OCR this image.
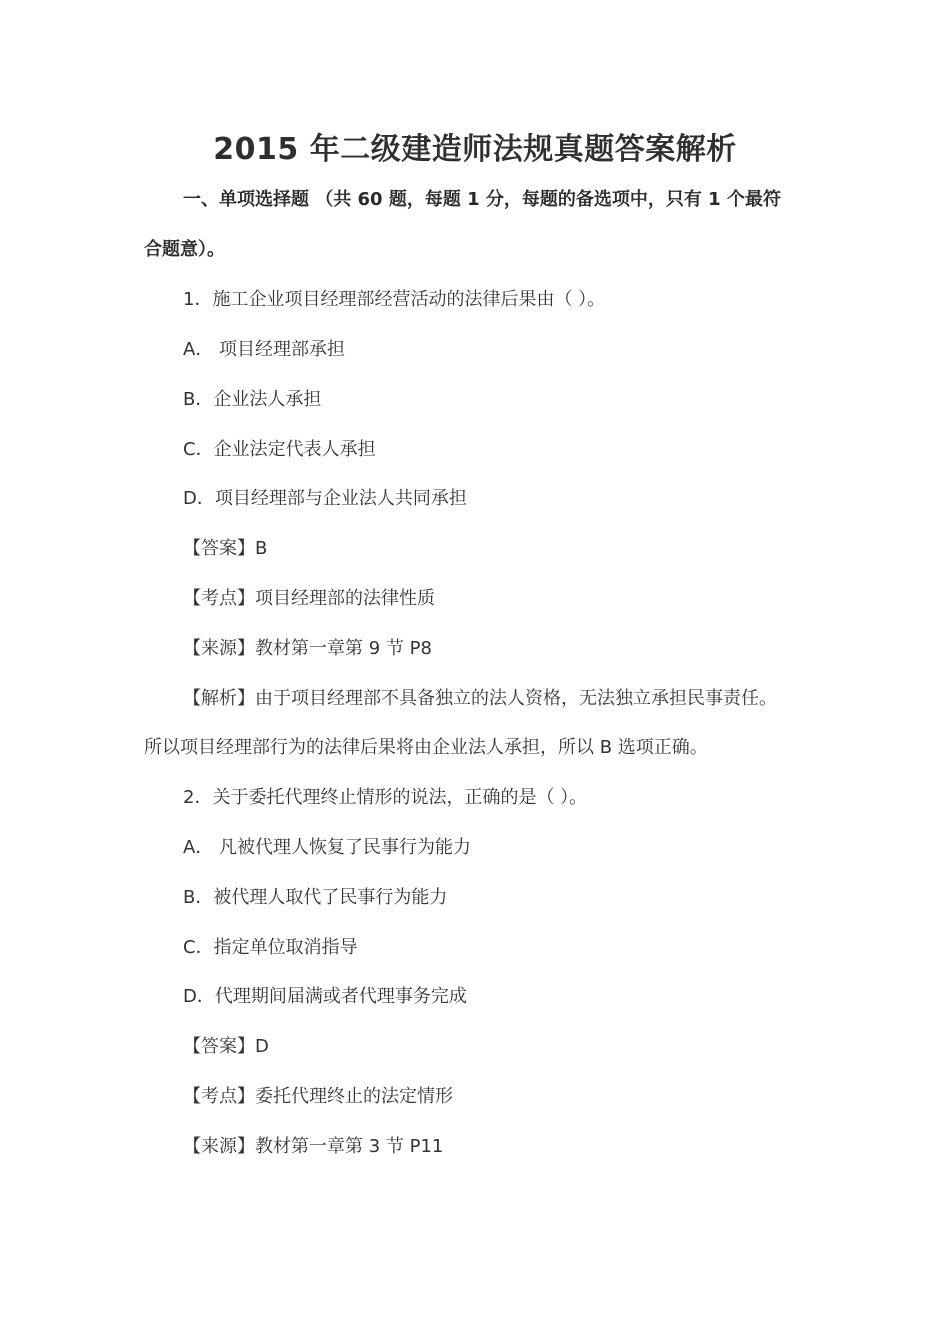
2015 年二级建造师法规真题答案解析
一、单项选择题 （共 60 题，每题 1 分，每题的备选项中，只有 1 个最符
合题意）。
1．施工企业项目经理部经营活动的法律后果由（ ）。
A． 项目经理部承担
B．企业法人承担
C．企业法定代表人承担
D．项目经理部与企业法人共同承担
【答案】B
【考点】项目经理部的法律性质
【来源】教材第一章第 9 节 P8
【解析】由于项目经理部不具备独立的法人资格，无法独立承担民事责任。
所以项目经理部行为的法律后果将由企业法人承担，所以 B 选项正确。
2．关于委托代理终止情形的说法，正确的是（ ）。
A． 凡被代理人恢复了民事行为能力
B．被代理人取代了民事行为能力
C．指定单位取消指导
D．代理期间届满或者代理事务完成
【答案】D
【考点】委托代理终止的法定情形
【来源】教材第一章第 3 节 P11
